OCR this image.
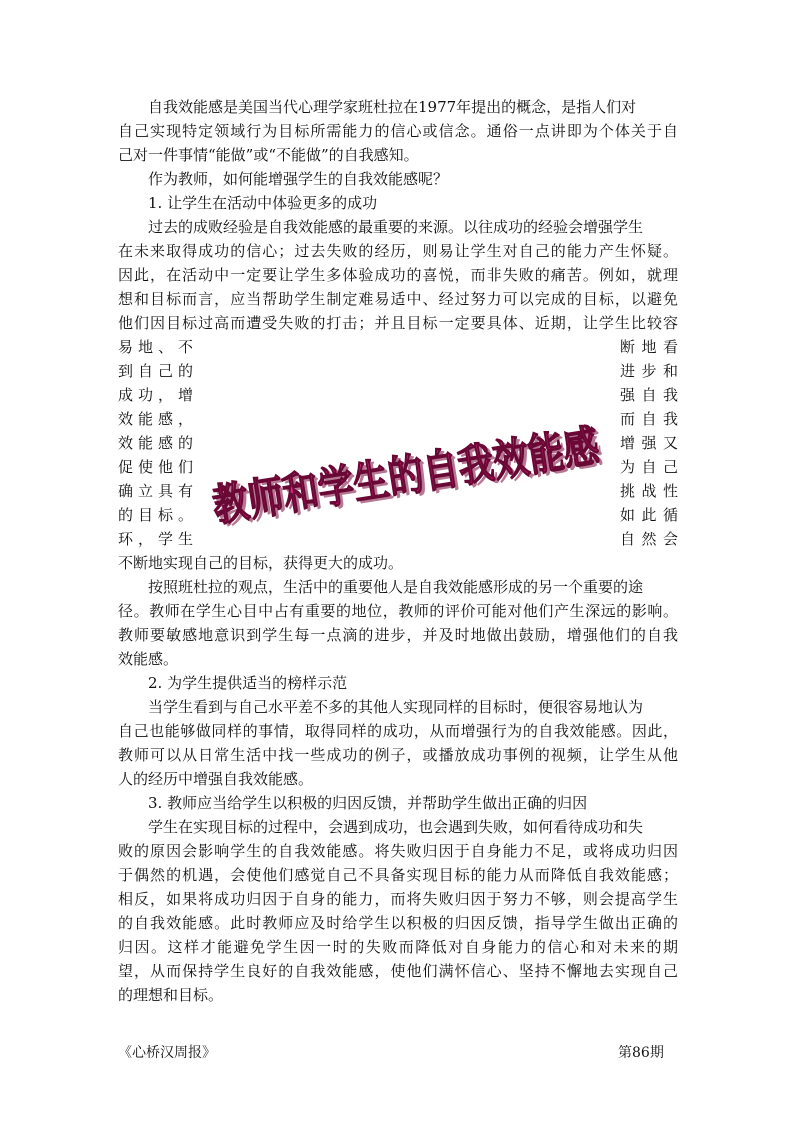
自我效能感是美国当代心理学家班杜拉在1977年提出的概念，是指人们对
自己实现特定领域行为目标所需能力的信心或信念。通俗一点讲即为个体关于自
己对一件事情“能做”或“不能做”的自我感知。
作为教师，如何能增强学生的自我效能感呢？
1. 让学生在活动中体验更多的成功
过去的成败经验是自我效能感的最重要的来源。以往成功的经验会增强学生
在未来取得成功的信心；过去失败的经历，则易让学生对自己的能力产生怀疑。
因此，在活动中一定要让学生多体验成功的喜悦，而非失败的痛苦。例如，就理
想和目标而言，应当帮助学生制定难易适中、经过努力可以完成的目标，以避免
他们因目标过高而遭受失败的打击；并且目标一定要具体、近期，让学生比较容
易地、不
到自己的
成功，增
效能感，
效能感的
促使他们
确立具有
的目标。
环，学生
断地看
进步和
强自我
而自我
增强又
为自己
挑战性
如此循
自然会
教师和学生的自我效能感
教师和学生的自我效能感
不断地实现自己的目标，获得更大的成功。
按照班杜拉的观点，生活中的重要他人是自我效能感形成的另一个重要的途
径。教师在学生心目中占有重要的地位，教师的评价可能对他们产生深远的影响。
教师要敏感地意识到学生每一点滴的进步，并及时地做出鼓励，增强他们的自我
效能感。
2. 为学生提供适当的榜样示范
当学生看到与自己水平差不多的其他人实现同样的目标时，便很容易地认为
自己也能够做同样的事情，取得同样的成功，从而增强行为的自我效能感。因此，
教师可以从日常生活中找一些成功的例子，或播放成功事例的视频，让学生从他
人的经历中增强自我效能感。
3. 教师应当给学生以积极的归因反馈，并帮助学生做出正确的归因
学生在实现目标的过程中，会遇到成功，也会遇到失败，如何看待成功和失
败的原因会影响学生的自我效能感。将失败归因于自身能力不足，或将成功归因
于偶然的机遇，会使他们感觉自己不具备实现目标的能力从而降低自我效能感；
相反，如果将成功归因于自身的能力，而将失败归因于努力不够，则会提高学生
的自我效能感。此时教师应及时给学生以积极的归因反馈，指导学生做出正确的
归因。这样才能避免学生因一时的失败而降低对自身能力的信心和对未来的期
望，从而保持学生良好的自我效能感，使他们满怀信心、坚持不懈地去实现自己
的理想和目标。
《心桥汉周报》	第86期
